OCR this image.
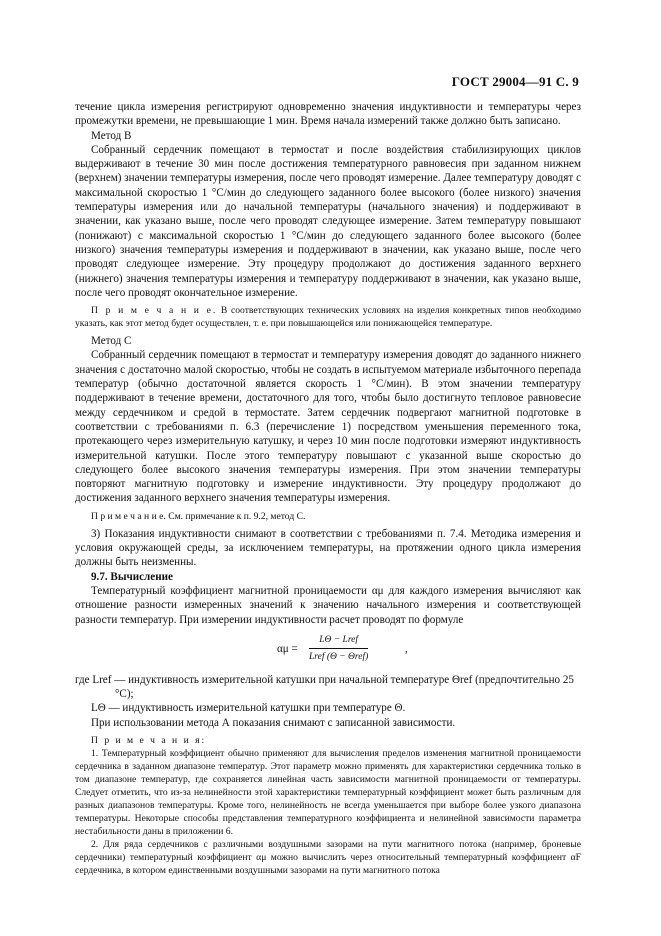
ГОСТ 29004—91 С. 9

течение цикла измерения регистрируют одновременно значения индуктивности и температуры через промежутки времени, не превышающие 1 мин. Время начала измерений также должно быть записано.

Метод В

Собранный сердечник помещают в термостат и после воздействия стабилизирующих циклов выдерживают в течение 30 мин после достижения температурного равновесия при заданном нижнем (верхнем) значении температуры измерения, после чего проводят измерение. Далее температуру доводят с максимальной скоростью 1 °С/мин до следующего заданного более высокого (более низкого) значения температуры измерения или до начальной температуры (начального значения) и поддерживают в значении, как указано выше, после чего проводят следующее измерение. Затем температуру повышают (понижают) с максимальной скоростью 1 °С/мин до следующего заданного более высокого (более низкого) значения температуры измерения и поддерживают в значении, как указано выше, после чего проводят следующее измерение. Эту процедуру продолжают до достижения заданного верхнего (нижнего) значения температуры измерения и температуру поддерживают в значении, как указано выше, после чего проводят окончательное измерение.

П р и м е ч а н и е. В соответствующих технических условиях на изделия конкретных типов необходимо указать, как этот метод будет осуществлен, т. е. при повышающейся или понижающейся температуре.

Метод С

Собранный сердечник помещают в термостат и температуру измерения доводят до заданного нижнего значения с достаточно малой скоростью, чтобы не создать в испытуемом материале избыточного перепада температур (обычно достаточной является скорость 1 °С/мин). В этом значении температуру поддерживают в течение времени, достаточного для того, чтобы было достигнуто тепловое равновесие между сердечником и средой в термостате. Затем сердечник подвергают магнитной подготовке в соответствии с требованиями п. 6.3 (перечисление 1) посредством уменьшения переменного тока, протекающего через измерительную катушку, и через 10 мин после подготовки измеряют индуктивность измерительной катушки. После этого температуру повышают с указанной выше скоростью до следующего более высокого значения температуры измерения. При этом значении температуры повторяют магнитную подготовку и измерение индуктивности. Эту процедуру продолжают до достижения заданного верхнего значения температуры измерения.

П р и м е ч а н и е. См. примечание к п. 9.2, метод С.

3) Показания индуктивности снимают в соответствии с требованиями п. 7.4. Методика измерения и условия окружающей среды, за исключением температуры, на протяжении одного цикла измерения должны быть неизменны.

9.7. Вычисление

Температурный коэффициент магнитной проницаемости αμ для каждого измерения вычисляют как отношение разности измеренных значений к значению начального измерения и соответствующей разности температур. При измерении индуктивности расчет проводят по формуле

αμ =
LΘ − Lref
Lref (Θ − Θref)
,

где Lref — индуктивность измерительной катушки при начальной температуре Θref (предпочтительно 25 °С);

LΘ — индуктивность измерительной катушки при температуре Θ.

При использовании метода А показания снимают с записанной зависимости.

П р и м е ч а н и я:

1. Температурный коэффициент обычно применяют для вычисления пределов изменения магнитной проницаемости сердечника в заданном диапазоне температур. Этот параметр можно применять для характеристики сердечника только в том диапазоне температур, где сохраняется линейная часть зависимости магнитной проницаемости от температуры. Следует отметить, что из-за нелинейности этой характеристики температурный коэффициент может быть различным для разных диапазонов температуры. Кроме того, нелинейность не всегда уменьшается при выборе более узкого диапазона температуры. Некоторые способы представления температурного коэффициента и нелинейной зависимости параметра нестабильности даны в приложении 6.

2. Для ряда сердечников с различными воздушными зазорами на пути магнитного потока (например, броневые сердечники) температурный коэффициент αμ можно вычислить через относительный температурный коэффициент αF сердечника, в котором единственными воздушными зазорами на пути магнитного потока
